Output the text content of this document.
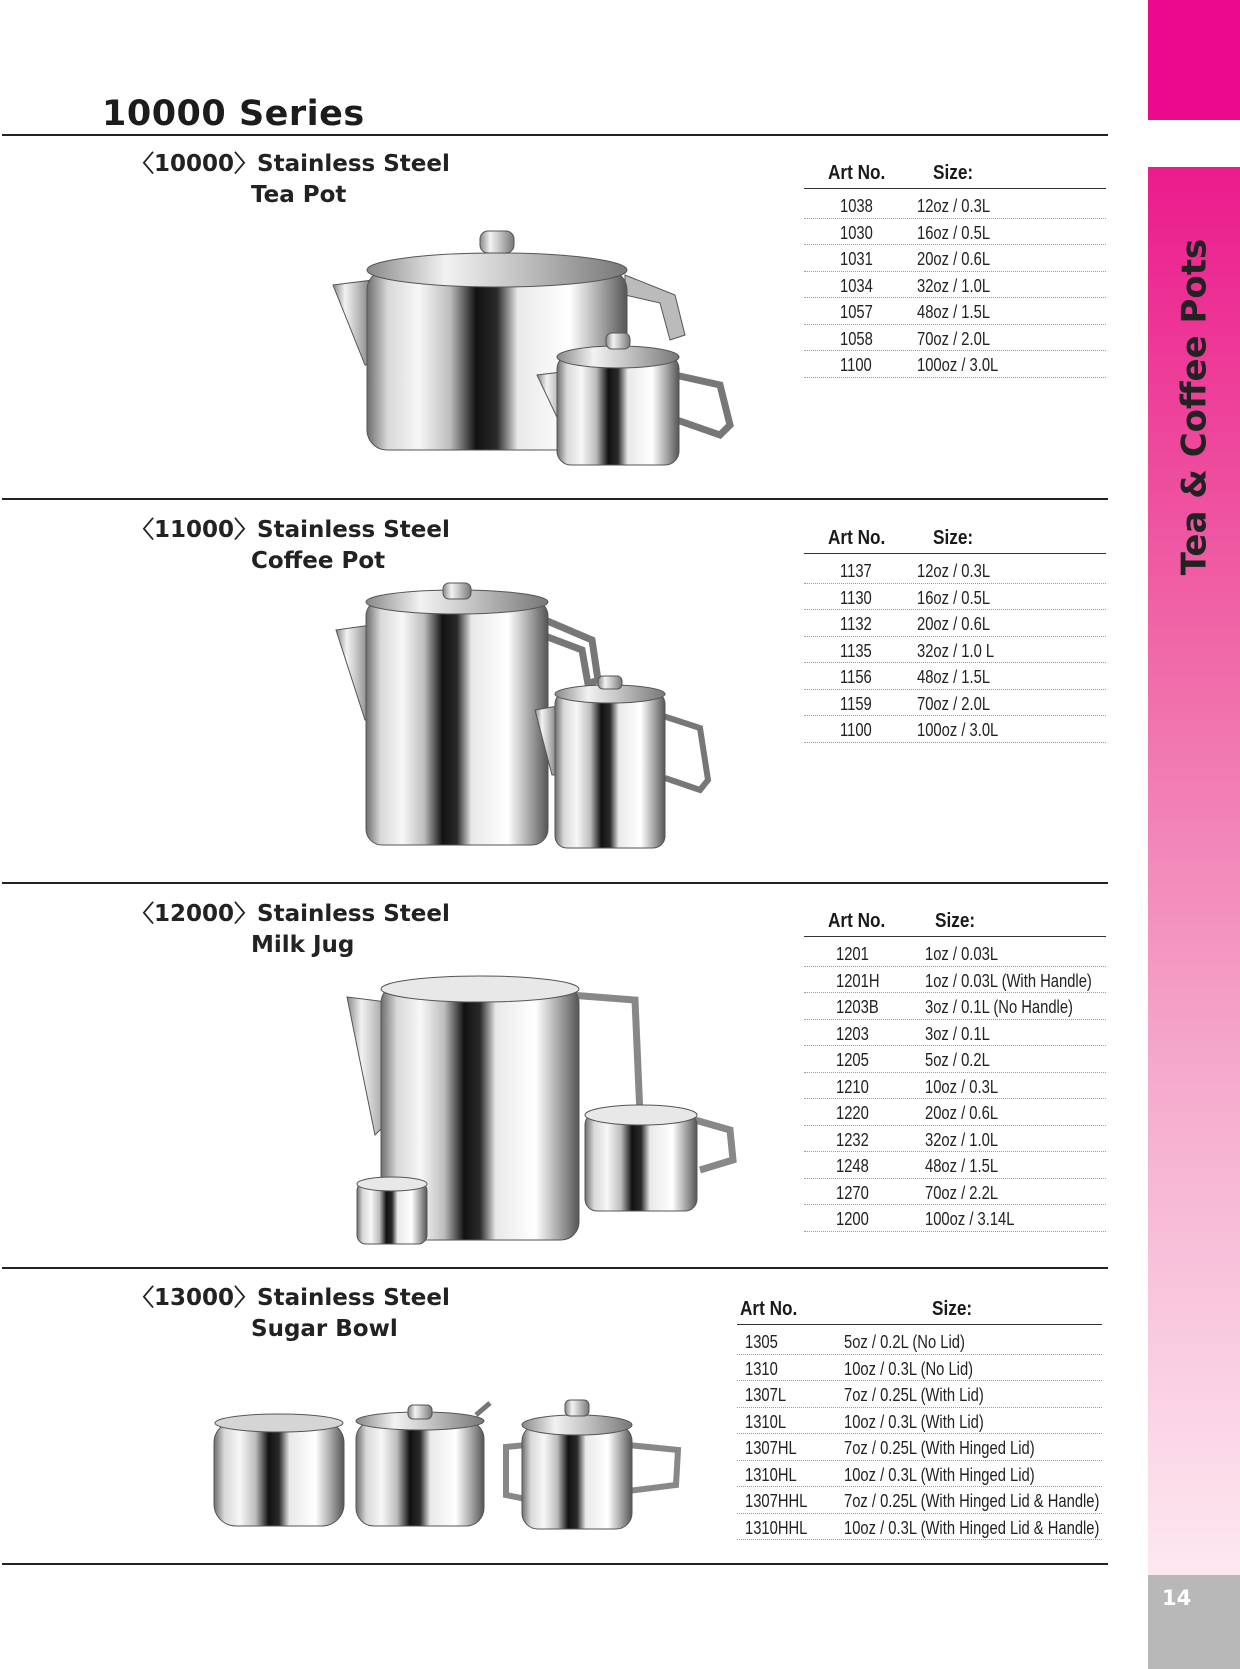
Tea & Coffee Pots
14
10000 Series
〈10000〉Stainless Steel
Tea Pot
Art No. Size:
1038 12oz / 0.3L
1030 16oz / 0.5L
1031 20oz / 0.6L
1034 32oz / 1.0L
1057 48oz / 1.5L
1058 70oz / 2.0L
1100	100oz / 3.0L
〈11000〉Stainless Steel
Coffee Pot
Art No. Size:
1137	12oz / 0.3L
1130	16oz / 0.5L
1132	20oz / 0.6L
1135	32oz / 1.0 L
1156	48oz / 1.5L
1159	70oz / 2.0L
1100	100oz / 3.0L
〈12000〉Stainless Steel
Milk Jug
Art No. Size:
1201	1oz / 0.03L
1201H	1oz / 0.03L (With Handle)
1203B	3oz / 0.1L (No Handle)
1203	3oz / 0.1L
1205	5oz / 0.2L
1210	10oz / 0.3L
1220	20oz / 0.6L
1232	32oz / 1.0L
1248	48oz / 1.5L
1270	70oz / 2.2L
1200	100oz / 3.14L
〈13000〉Stainless Steel
Sugar Bowl
Art No.	Size:
1305	5oz / 0.2L (No Lid)
1310	10oz / 0.3L (No Lid)
1307L	7oz / 0.25L (With Lid)
1310L	10oz / 0.3L (With Lid)
1307HL	7oz / 0.25L (With Hinged Lid)
1310HL	10oz / 0.3L (With Hinged Lid)
1307HHL 7oz / 0.25L (With Hinged Lid & Handle)
1310HHL 10oz / 0.3L (With Hinged Lid & Handle)
